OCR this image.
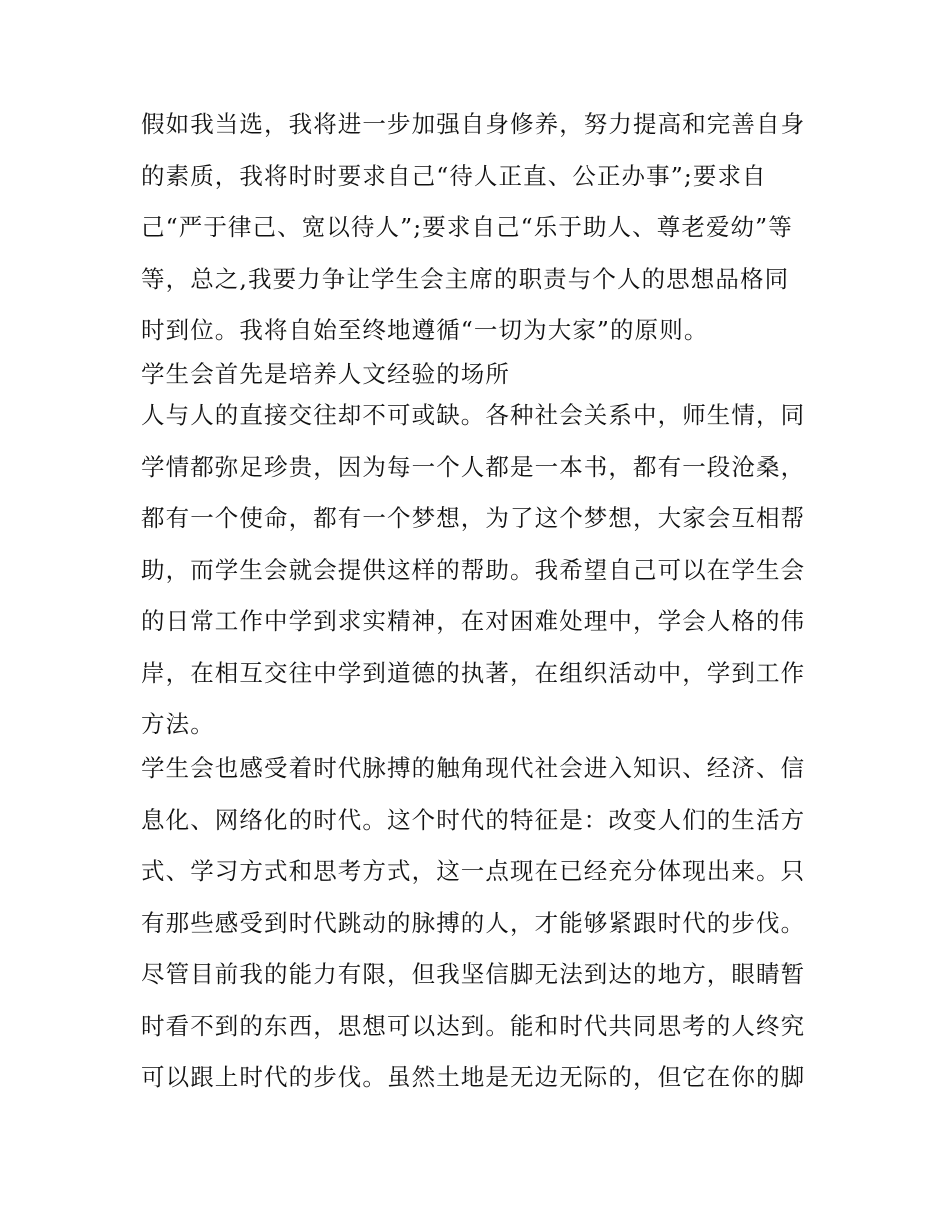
假如我当选，我将进一步加强自身修养，努力提高和完善自身
的素质，我将时时要求自己“待人正直、公正办事”;要求自
己“严于律己、宽以待人”;要求自己“乐于助人、尊老爱幼”等
等，总之,我要力争让学生会主席的职责与个人的思想品格同
时到位。我将自始至终地遵循“一切为大家”的原则。
学生会首先是培养人文经验的场所
人与人的直接交往却不可或缺。各种社会关系中，师生情，同
学情都弥足珍贵，因为每一个人都是一本书，都有一段沧桑，
都有一个使命，都有一个梦想，为了这个梦想，大家会互相帮
助，而学生会就会提供这样的帮助。我希望自己可以在学生会
的日常工作中学到求实精神，在对困难处理中，学会人格的伟
岸，在相互交往中学到道德的执著，在组织活动中，学到工作
方法。
学生会也感受着时代脉搏的触角现代社会进入知识、经济、信
息化、网络化的时代。这个时代的特征是：改变人们的生活方
式、学习方式和思考方式，这一点现在已经充分体现出来。只
有那些感受到时代跳动的脉搏的人，才能够紧跟时代的步伐。
尽管目前我的能力有限，但我坚信脚无法到达的地方，眼睛暂
时看不到的东西，思想可以达到。能和时代共同思考的人终究
可以跟上时代的步伐。虽然土地是无边无际的，但它在你的脚
